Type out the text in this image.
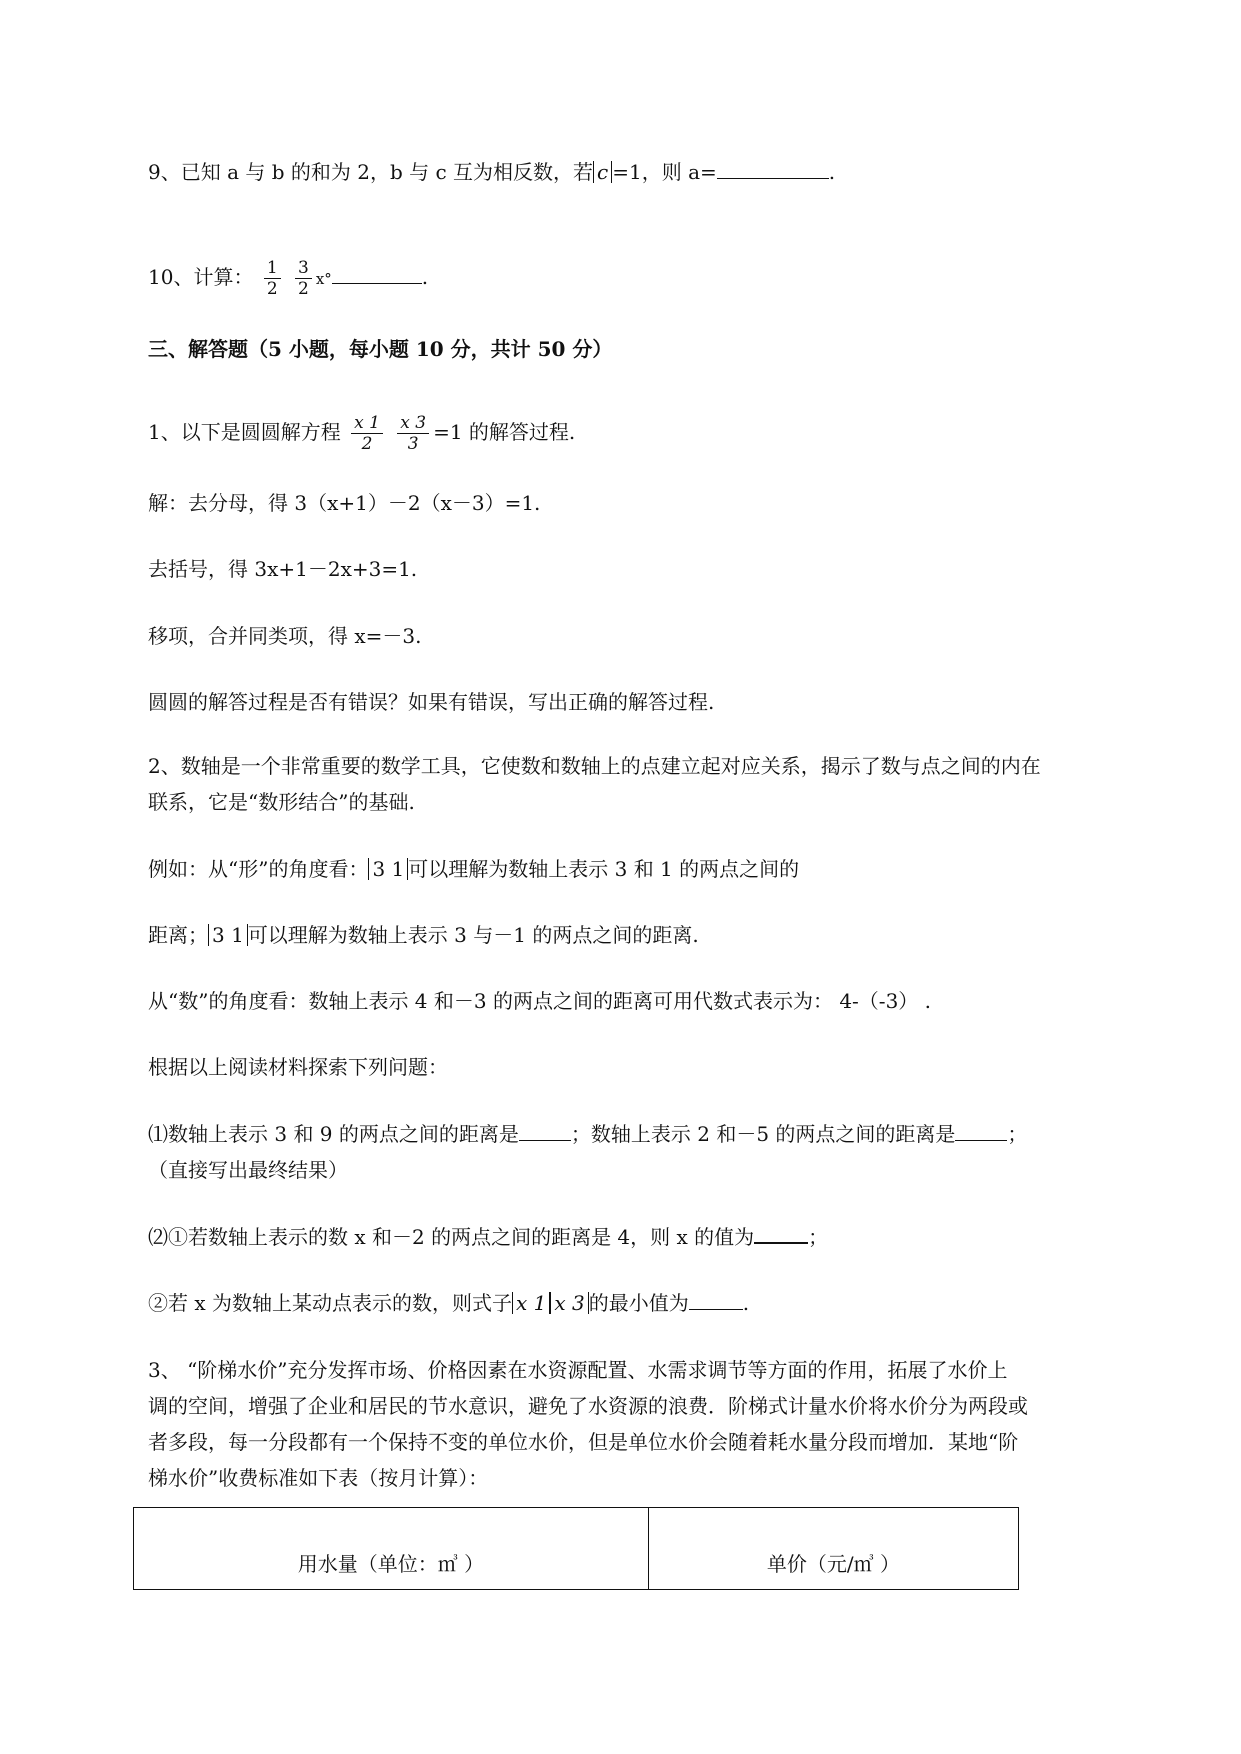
9、已知 a 与 b 的和为 2，b 与 c 互为相反数，若 c =1，则 a=	.
10、计算： $\frac{1}{2}$
$\frac{3}{2}$ ⅹ°	.
三、解答题（5 小题，每小题 10 分，共计 50 分）
1、以下是圆圆解方程 $\frac{x 1}{2}$
$\frac{x 3}{3} =1$ 的解答过程.
解：去分母，得 3（x+1）－2（x－3）=1.
去括号，得 3x+1－2x+3=1.
移项，合并同类项，得 x=－3.
圆圆的解答过程是否有错误？如果有错误，写出正确的解答过程.
2、数轴是一个非常重要的数学工具，它使数和数轴上的点建立起对应关系，揭示了数与点之间的内在
联系，它是“数形结合”的基础.
例如：从“形”的角度看： 3 1 可以理解为数轴上表示 3 和 1 的两点之间的
距离； 3 1 可以理解为数轴上表示 3 与－1 的两点之间的距离.
从“数”的角度看：数轴上表示 4 和－3 的两点之间的距离可用代数式表示为： 4-（-3） .
根据以上阅读材料探索下列问题：
⑴数轴上表示 3 和 9 的两点之间的距离是	；数轴上表示 2 和－5 的两点之间的距离是	；
（直接写出最终结果）
⑵①若数轴上表示的数 x 和－2 的两点之间的距离是 4，则 x 的值为	；
②若 x 为数轴上某动点表示的数，则式子 x 1 x 3 的最小值为	.
3、 “阶梯水价”充分发挥市场、价格因素在水资源配置、水需求调节等方面的作用，拓展了水价上
调的空间，增强了企业和居民的节水意识，避免了水资源的浪费．阶梯式计量水价将水价分为两段或
者多段，每一分段都有一个保持不变的单位水价，但是单位水价会随着耗水量分段而增加．某地“阶
梯水价”收费标准如下表（按月计算）：
用水量（单位：㎥ ）	单价（元/㎥ ）
